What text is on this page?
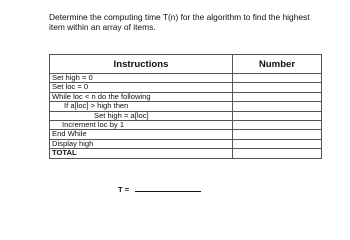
Determine the computing time T(n) for the algorithm to find the highest
item within an array of items.

Instructions	Number
Set high = 0	
Set loc = 0	
While loc < n do the following	
If a[loc] > high then	
Set high = a[loc]	
Increment loc by 1	
End While	
Display high	
TOTAL	
T =
